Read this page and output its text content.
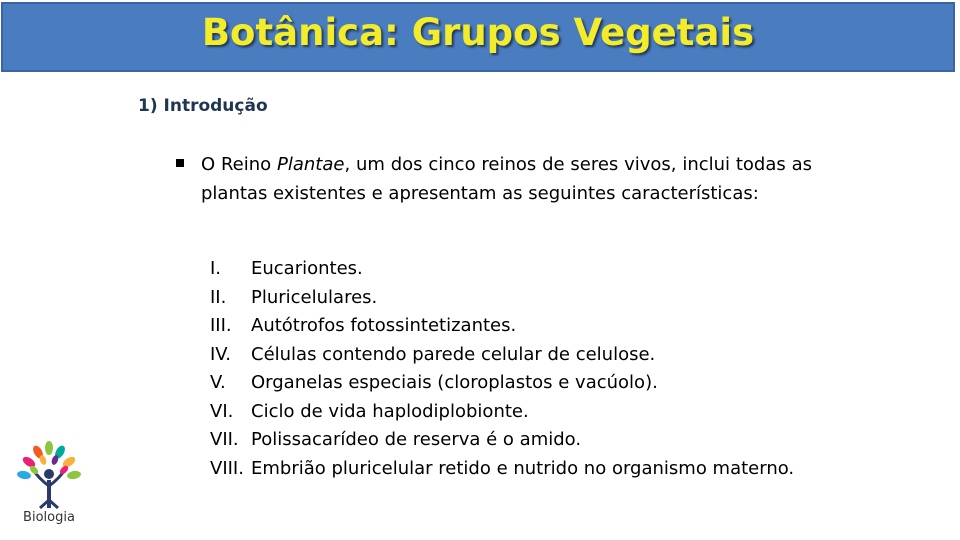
Botânica: Grupos Vegetais
1) Introdução
O Reino Plantae, um dos cinco reinos de seres vivos, inclui todas as plantas existentes e apresentam as seguintes características:
I. Eucariontes.
II. Pluricelulares.
III. Autótrofos fotossintetizantes.
IV. Células contendo parede celular de celulose.
V. Organelas especiais (cloroplastos e vacúolo).
VI. Ciclo de vida haplodiplobionte.
VII. Polissacarídeo de reserva é o amido.
VIII. Embrião pluricelular retido e nutrido no organismo materno.
Biologia
